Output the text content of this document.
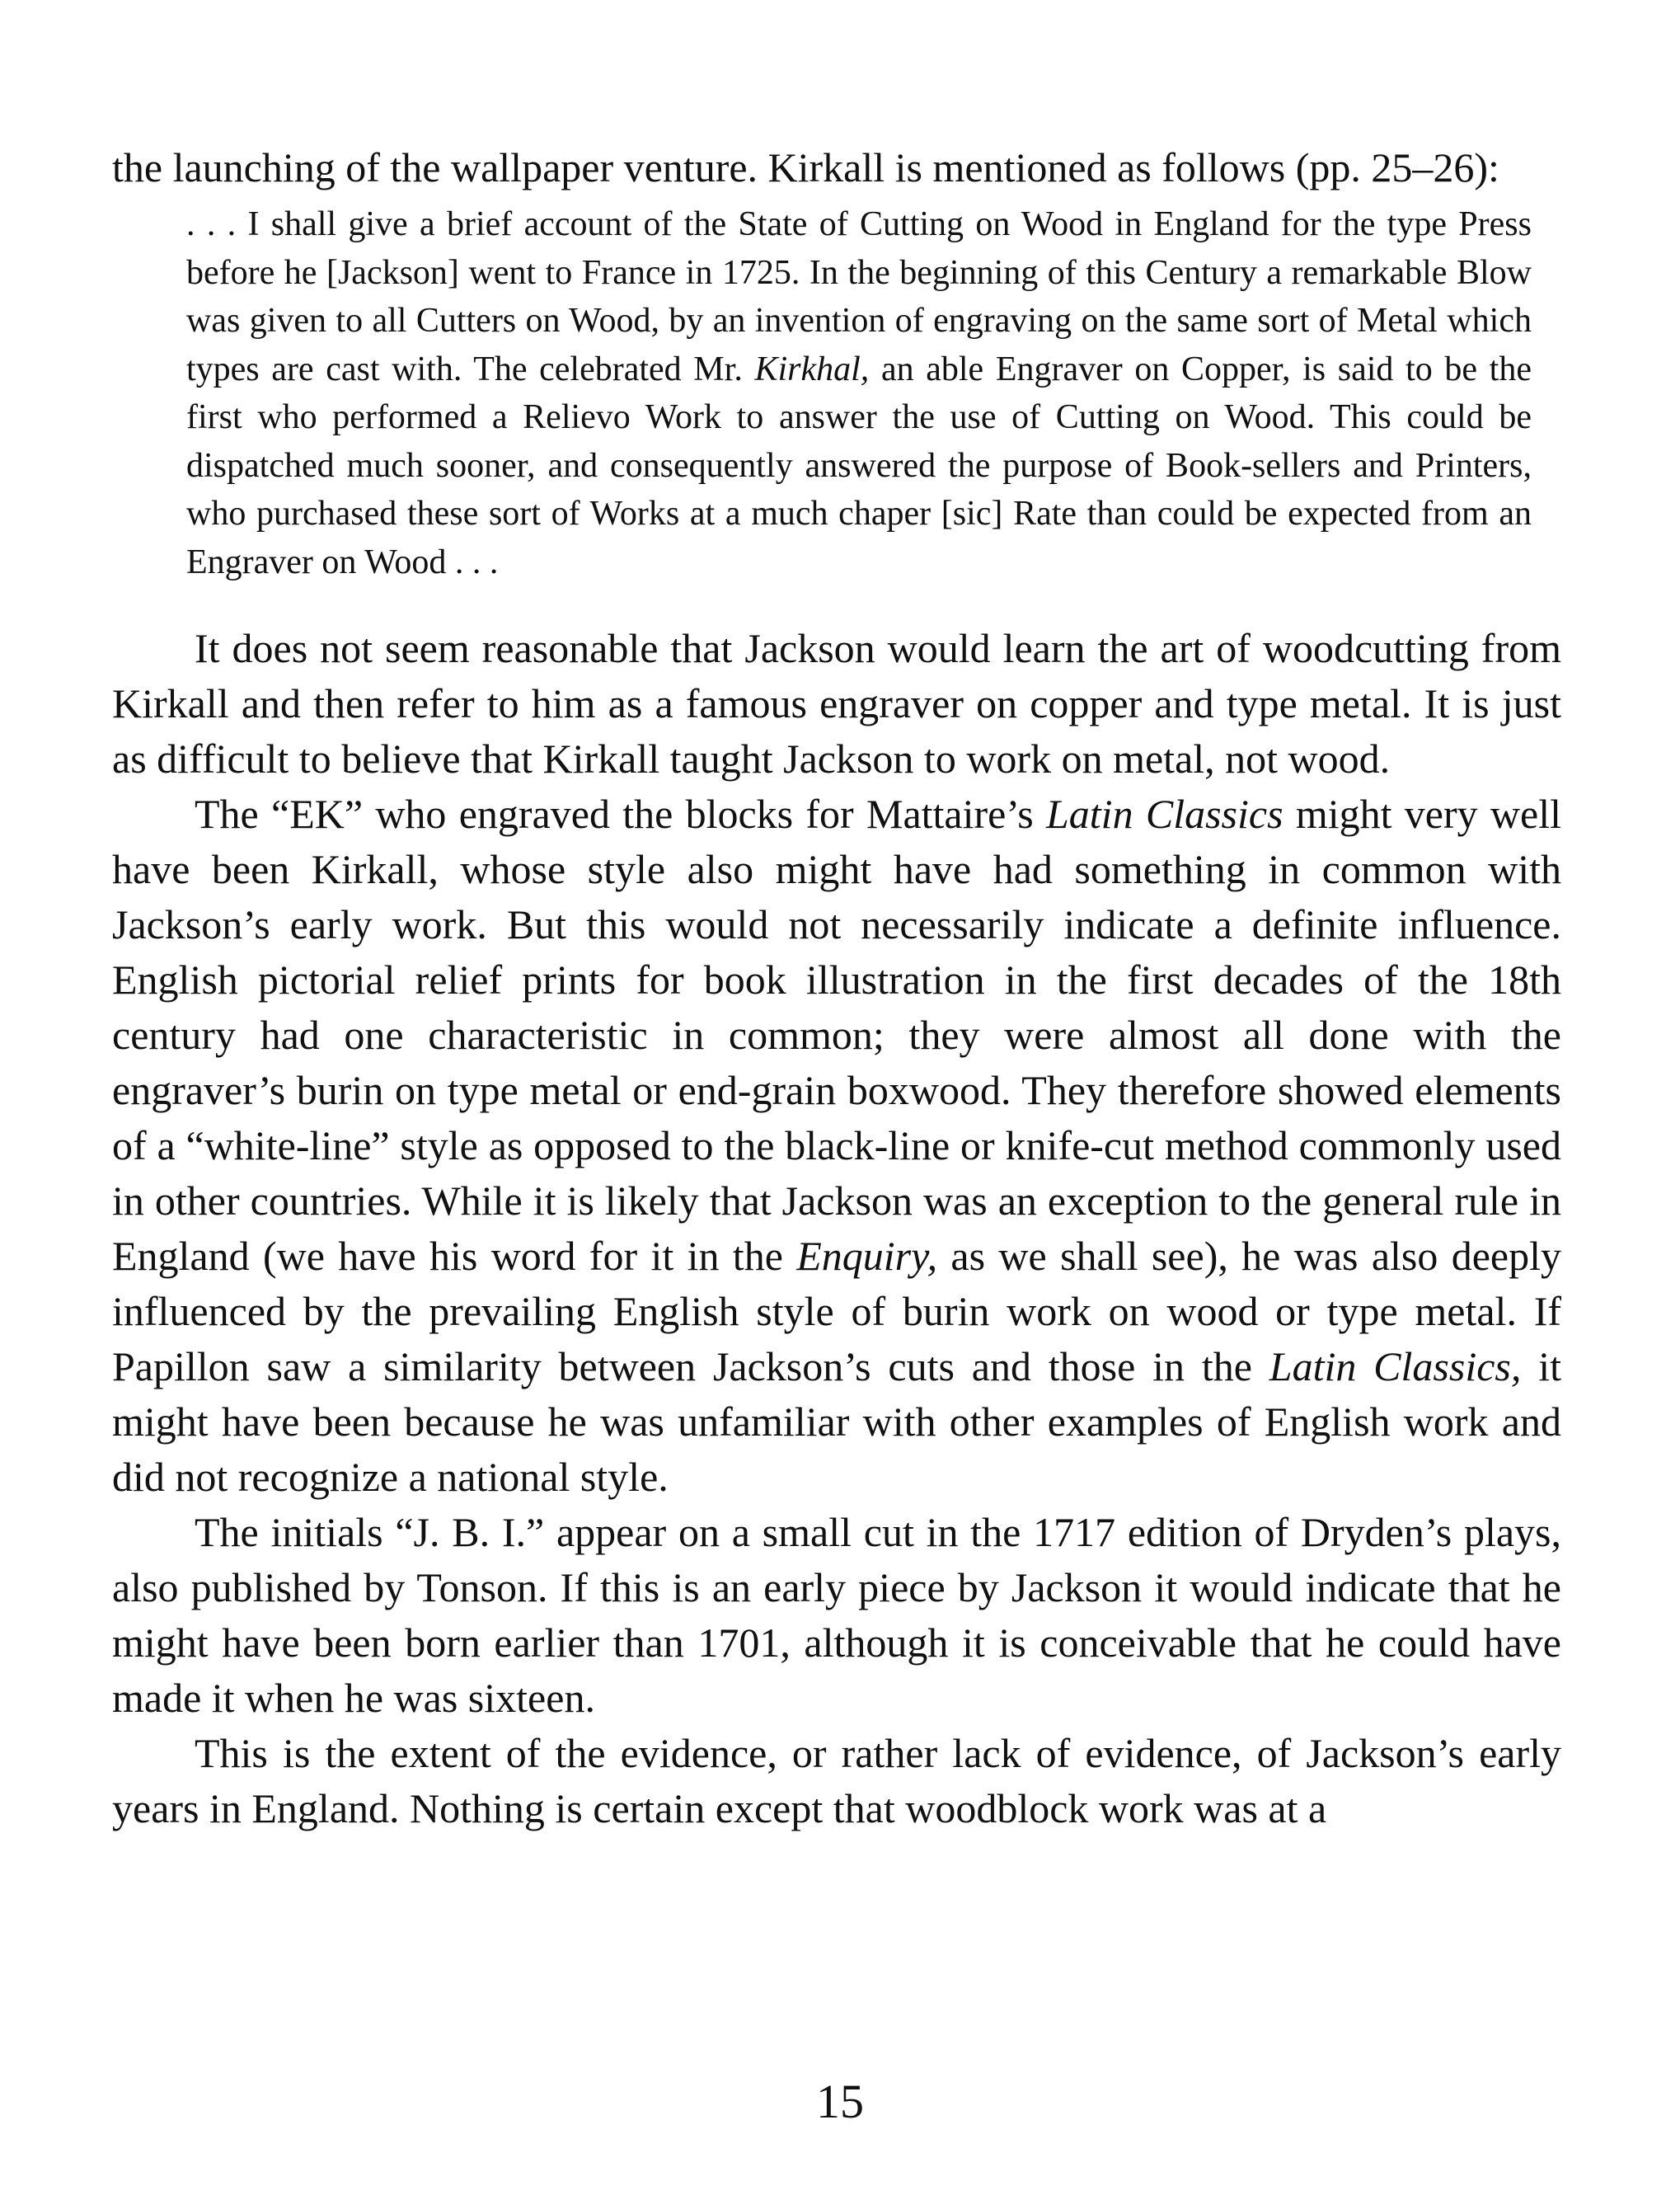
the launching of the wallpaper venture. Kirkall is mentioned as follows (pp. 25–26):

. . . I shall give a brief account of the State of Cutting on Wood in England for the type Press before he [Jackson] went to France in 1725. In the beginning of this Century a remarkable Blow was given to all Cutters on Wood, by an invention of engraving on the same sort of Metal which types are cast with. The celebrated Mr. Kirkhal, an able Engraver on Copper, is said to be the first who performed a Relievo Work to answer the use of Cutting on Wood. This could be dispatched much sooner, and consequently answered the purpose of Book-sellers and Printers, who purchased these sort of Works at a much chaper [sic] Rate than could be expected from an Engraver on Wood . . .

It does not seem reasonable that Jackson would learn the art of woodcutting from Kirkall and then refer to him as a famous engraver on copper and type metal. It is just as difficult to believe that Kirkall taught Jackson to work on metal, not wood.

The “EK” who engraved the blocks for Mattaire’s Latin Classics might very well have been Kirkall, whose style also might have had something in common with Jackson’s early work. But this would not necessarily indicate a definite influence. English pictorial relief prints for book illustration in the first decades of the 18th century had one characteristic in common; they were almost all done with the engraver’s burin on type metal or end-grain boxwood. They therefore showed elements of a “white-line” style as opposed to the black-line or knife-cut method commonly used in other countries. While it is likely that Jackson was an exception to the general rule in England (we have his word for it in the Enquiry, as we shall see), he was also deeply influenced by the prevailing English style of burin work on wood or type metal. If Papillon saw a similarity between Jackson’s cuts and those in the Latin Classics, it might have been because he was unfamiliar with other examples of English work and did not recognize a national style.

The initials “J. B. I.” appear on a small cut in the 1717 edition of Dryden’s plays, also published by Tonson. If this is an early piece by Jackson it would indicate that he might have been born earlier than 1701, although it is conceivable that he could have made it when he was sixteen.

This is the extent of the evidence, or rather lack of evidence, of Jackson’s early years in England. Nothing is certain except that woodblock work was at a

15
